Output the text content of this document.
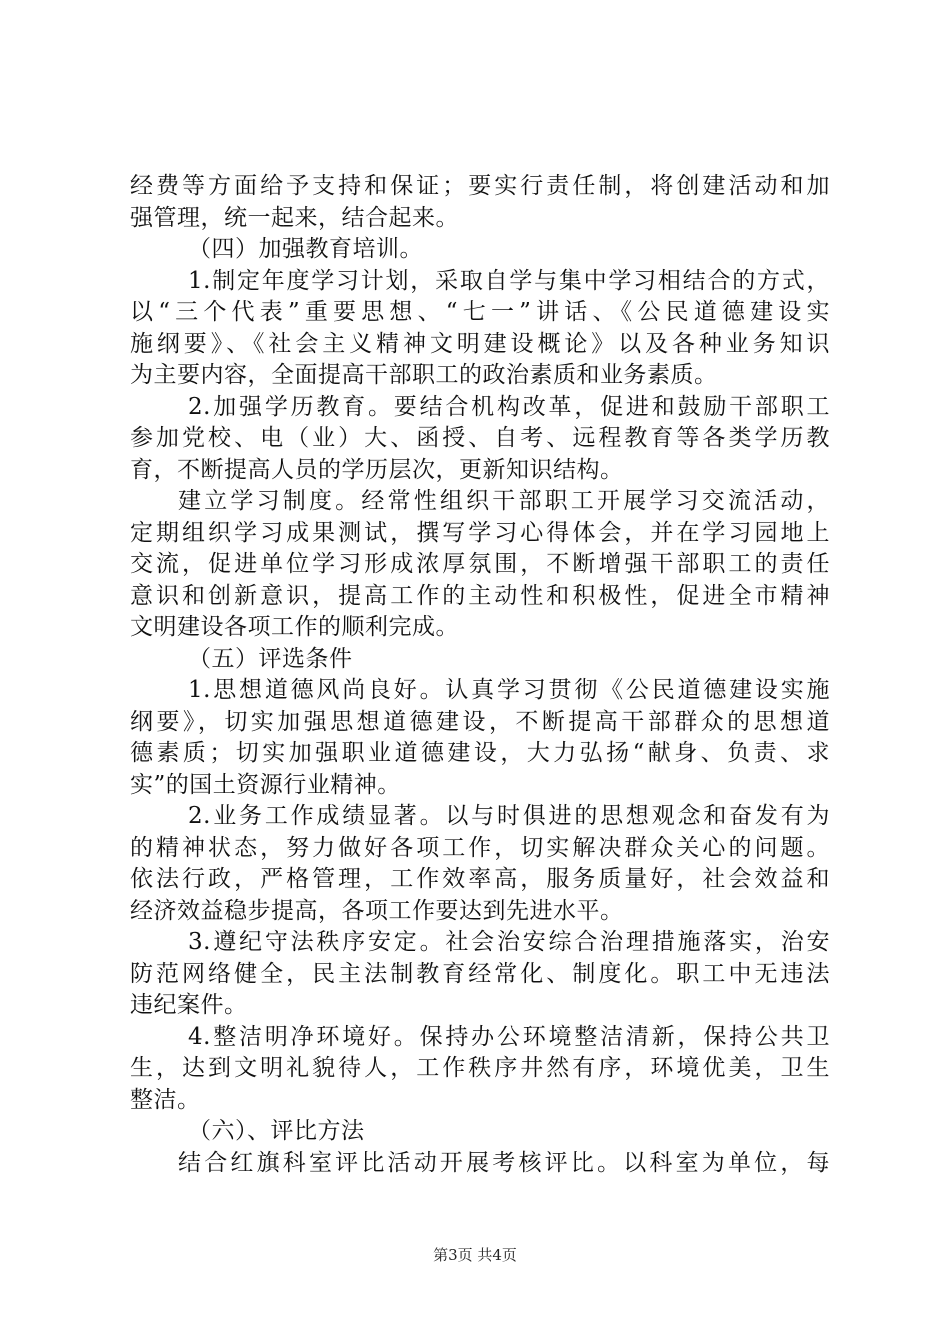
经费等方面给予支持和保证；要实行责任制，将创建活动和加
强管理，统一起来，结合起来。
（四）加强教育培训。
1.制定年度学习计划，采取自学与集中学习相结合的方式，
以“三个代表”重要思想、“七一”讲话、《公民道德建设实
施纲要》、《社会主义精神文明建设概论》以及各种业务知识
为主要内容，全面提高干部职工的政治素质和业务素质。
2.加强学历教育。要结合机构改革，促进和鼓励干部职工
参加党校、电（业）大、函授、自考、远程教育等各类学历教
育，不断提高人员的学历层次，更新知识结构。
建立学习制度。经常性组织干部职工开展学习交流活动，
定期组织学习成果测试，撰写学习心得体会，并在学习园地上
交流，促进单位学习形成浓厚氛围，不断增强干部职工的责任
意识和创新意识，提高工作的主动性和积极性，促进全市精神
文明建设各项工作的顺利完成。
（五）评选条件
1.思想道德风尚良好。认真学习贯彻《公民道德建设实施
纲要》，切实加强思想道德建设，不断提高干部群众的思想道
德素质；切实加强职业道德建设，大力弘扬“献身、负责、求
实”的国土资源行业精神。
2.业务工作成绩显著。以与时俱进的思想观念和奋发有为
的精神状态，努力做好各项工作，切实解决群众关心的问题。
依法行政，严格管理，工作效率高，服务质量好，社会效益和
经济效益稳步提高，各项工作要达到先进水平。
3.遵纪守法秩序安定。社会治安综合治理措施落实，治安
防范网络健全，民主法制教育经常化、制度化。职工中无违法
违纪案件。
4.整洁明净环境好。保持办公环境整洁清新，保持公共卫
生，达到文明礼貌待人，工作秩序井然有序，环境优美，卫生
整洁。
（六）、评比方法
结合红旗科室评比活动开展考核评比。以科室为单位，每
第3页 共4页
